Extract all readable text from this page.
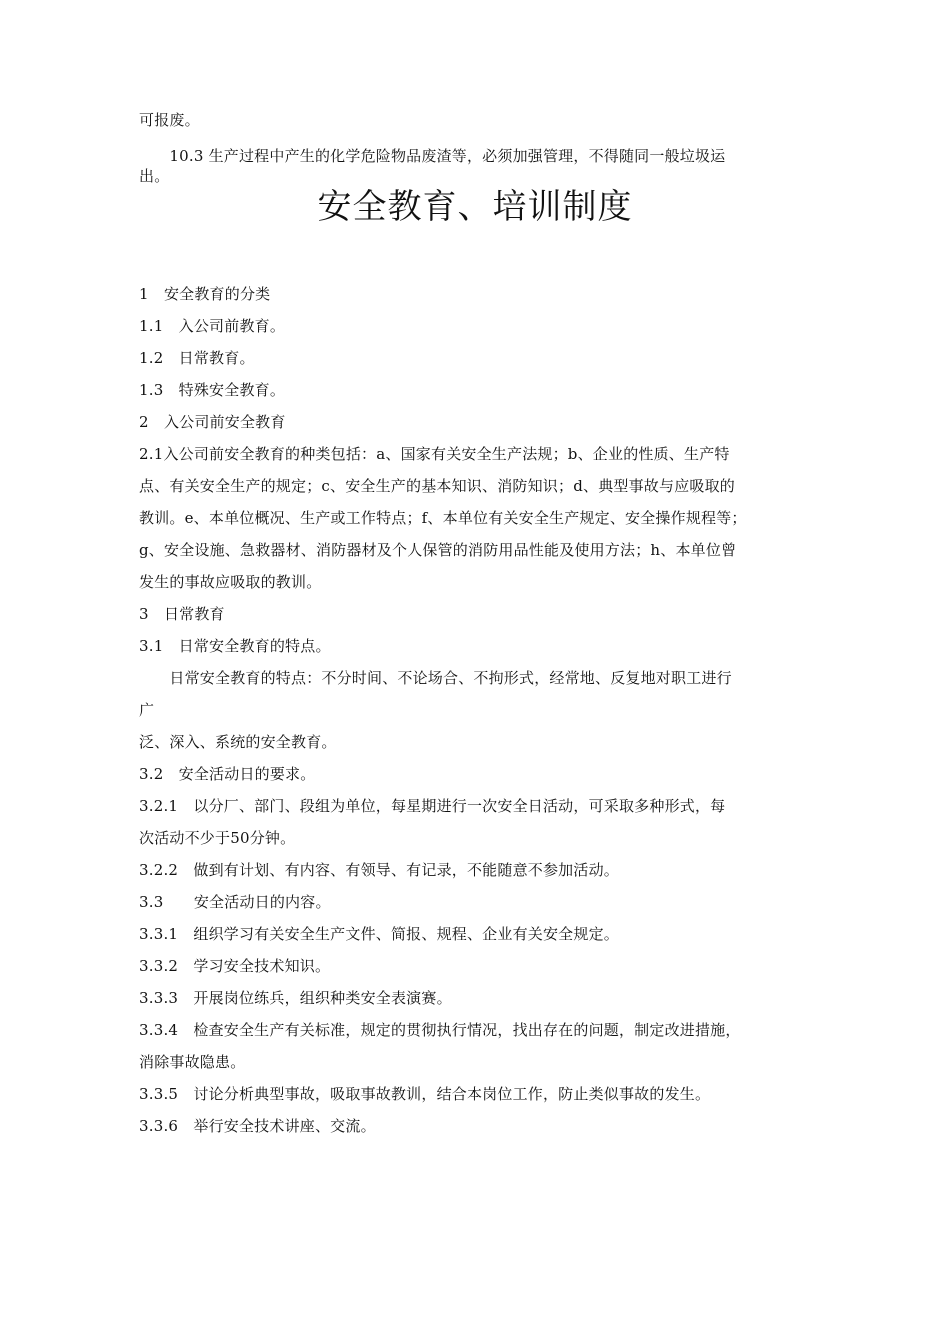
可报废。
　　10.3 生产过程中产生的化学危险物品废渣等，必须加强管理，不得随同一般垃圾运
出。
安全教育、培训制度
1　安全教育的分类
1.1　入公司前教育。
1.2　日常教育。
1.3　特殊安全教育。
2　入公司前安全教育
2.1入公司前安全教育的种类包括：a、国家有关安全生产法规；b、企业的性质、生产特
点、有关安全生产的规定；c、安全生产的基本知识、消防知识；d、典型事故与应吸取的
教训。e、本单位概况、生产或工作特点；f、本单位有关安全生产规定、安全操作规程等；
g、安全设施、急救器材、消防器材及个人保管的消防用品性能及使用方法；h、本单位曾
发生的事故应吸取的教训。
3　日常教育
3.1　日常安全教育的特点。
　　日常安全教育的特点：不分时间、不论场合、不拘形式，经常地、反复地对职工进行
广
泛、深入、系统的安全教育。
3.2　安全活动日的要求。
3.2.1　以分厂、部门、段组为单位，每星期进行一次安全日活动，可采取多种形式，每
次活动不少于50分钟。
3.2.2　做到有计划、有内容、有领导、有记录，不能随意不参加活动。
3.3　　安全活动日的内容。
3.3.1　组织学习有关安全生产文件、简报、规程、企业有关安全规定。
3.3.2　学习安全技术知识。
3.3.3　开展岗位练兵，组织种类安全表演赛。
3.3.4　检查安全生产有关标准，规定的贯彻执行情况，找出存在的问题，制定改进措施，
消除事故隐患。
3.3.5　讨论分析典型事故，吸取事故教训，结合本岗位工作，防止类似事故的发生。
3.3.6　举行安全技术讲座、交流。
